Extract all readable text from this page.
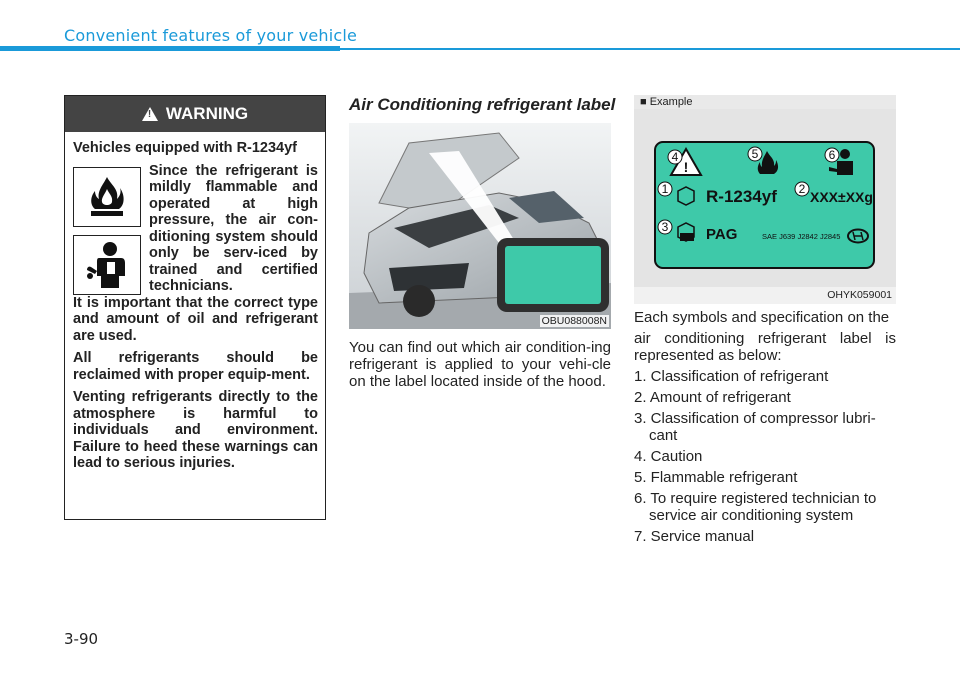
Convenient features of your vehicle
!
WARNING

Vehicles equipped with R-1234yf

Since the refrigerant is mildly flammable and operated at high pressure, the air con-ditioning system should only be serv-iced by trained and certified technicians.

It is important that the correct type and amount of oil and refrigerant are used.

All refrigerants should be reclaimed with proper equip-ment.

Venting refrigerants directly to the atmosphere is harmful to individuals and environment. Failure to heed these warnings can lead to serious injuries.

Air Conditioning refrigerant label
OBU088008N
You can find out which air condition-ing refrigerant is applied to your vehi-cle on the label located inside of the hood.
■ Example
!
4	5	6
1	2
3
R-1234yf XXX±XXg
PAG	SAE J639 J2842 J2845
OHYK059001

Each symbols and specification on the

air conditioning refrigerant label is represented as below:

1. Classification of refrigerant
2. Amount of refrigerant
3. Classification of compressor lubri-cant
4. Caution
5. Flammable refrigerant
6. To require registered technician to service air conditioning system
7. Service manual
3-90
